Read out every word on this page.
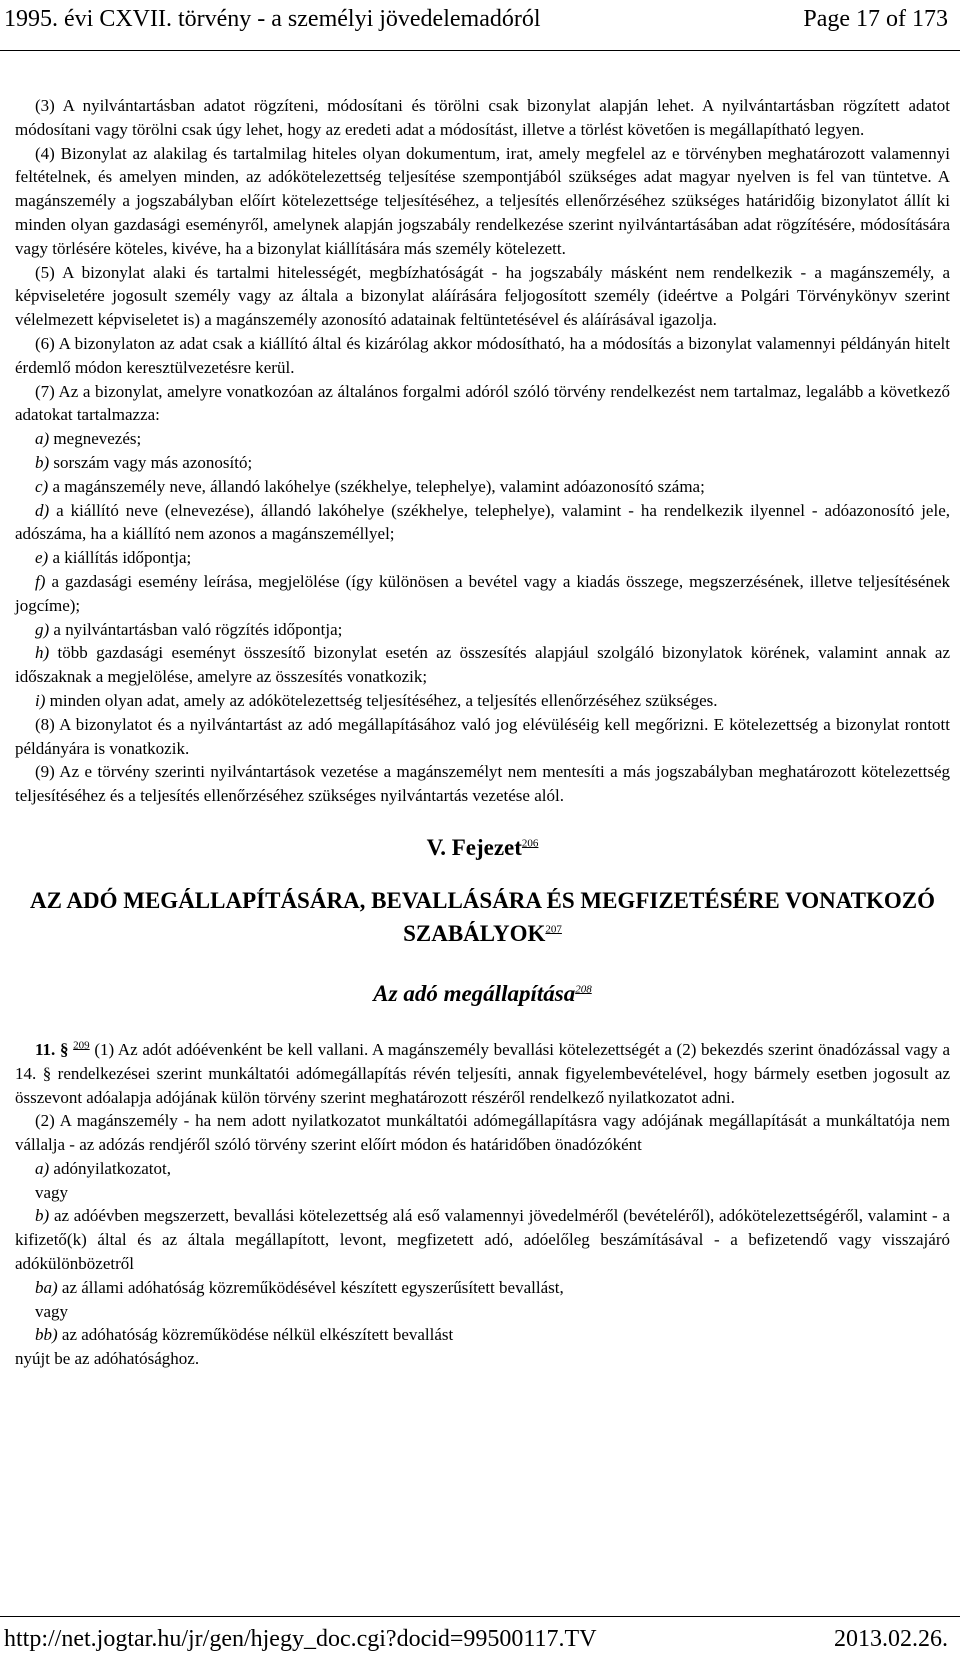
1995. évi CXVII. törvény - a személyi jövedelemadóról	Page 17 of 173

(3) A nyilvántartásban adatot rögzíteni, módosítani és törölni csak bizonylat alapján lehet. A nyilvántartásban rögzített adatot módosítani vagy törölni csak úgy lehet, hogy az eredeti adat a módosítást, illetve a törlést követően is megállapítható legyen.

(4) Bizonylat az alakilag és tartalmilag hiteles olyan dokumentum, irat, amely megfelel az e törvényben meghatározott valamennyi feltételnek, és amelyen minden, az adókötelezettség teljesítése szempontjából szükséges adat magyar nyelven is fel van tüntetve. A magánszemély a jogszabályban előírt kötelezettsége teljesítéséhez, a teljesítés ellenőrzéséhez szükséges határidőig bizonylatot állít ki minden olyan gazdasági eseményről, amelynek alapján jogszabály rendelkezése szerint nyilvántartásában adat rögzítésére, módosítására vagy törlésére köteles, kivéve, ha a bizonylat kiállítására más személy kötelezett.

(5) A bizonylat alaki és tartalmi hitelességét, megbízhatóságát - ha jogszabály másként nem rendelkezik - a magánszemély, a képviseletére jogosult személy vagy az általa a bizonylat aláírására feljogosított személy (ideértve a Polgári Törvénykönyv szerint vélelmezett képviseletet is) a magánszemély azonosító adatainak feltüntetésével és aláírásával igazolja.

(6) A bizonylaton az adat csak a kiállító által és kizárólag akkor módosítható, ha a módosítás a bizonylat valamennyi példányán hitelt érdemlő módon keresztülvezetésre kerül.

(7) Az a bizonylat, amelyre vonatkozóan az általános forgalmi adóról szóló törvény rendelkezést nem tartalmaz, legalább a következő adatokat tartalmazza:

a) megnevezés;

b) sorszám vagy más azonosító;

c) a magánszemély neve, állandó lakóhelye (székhelye, telephelye), valamint adóazonosító száma;

d) a kiállító neve (elnevezése), állandó lakóhelye (székhelye, telephelye), valamint - ha rendelkezik ilyennel - adóazonosító jele, adószáma, ha a kiállító nem azonos a magánszeméllyel;

e) a kiállítás időpontja;

f) a gazdasági esemény leírása, megjelölése (így különösen a bevétel vagy a kiadás összege, megszerzésének, illetve teljesítésének jogcíme);

g) a nyilvántartásban való rögzítés időpontja;

h) több gazdasági eseményt összesítő bizonylat esetén az összesítés alapjául szolgáló bizonylatok körének, valamint annak az időszaknak a megjelölése, amelyre az összesítés vonatkozik;

i) minden olyan adat, amely az adókötelezettség teljesítéséhez, a teljesítés ellenőrzéséhez szükséges.

(8) A bizonylatot és a nyilvántartást az adó megállapításához való jog elévüléséig kell megőrizni. E kötelezettség a bizonylat rontott példányára is vonatkozik.

(9) Az e törvény szerinti nyilvántartások vezetése a magánszemélyt nem mentesíti a más jogszabályban meghatározott kötelezettség teljesítéséhez és a teljesítés ellenőrzéséhez szükséges nyilvántartás vezetése alól.

V. Fejezet$^{206}$

AZ ADÓ MEGÁLLAPÍTÁSÁRA, BEVALLÁSÁRA ÉS MEGFIZETÉSÉRE VONATKOZÓ
SZABÁLYOK$^{207}$

Az adó megállapítása$^{208}$

11. § $^{209}$ (1) Az adót adóévenként be kell vallani. A magánszemély bevallási kötelezettségét a (2) bekezdés szerint önadózással vagy a 14. § rendelkezései szerint munkáltatói adómegállapítás révén teljesíti, annak figyelembevételével, hogy bármely esetben jogosult az összevont adóalapja adójának külön törvény szerint meghatározott részéről rendelkező nyilatkozatot adni.

(2) A magánszemély - ha nem adott nyilatkozatot munkáltatói adómegállapításra vagy adójának megállapítását a munkáltatója nem vállalja - az adózás rendjéről szóló törvény szerint előírt módon és határidőben önadózóként

a) adónyilatkozatot,

vagy

b) az adóévben megszerzett, bevallási kötelezettség alá eső valamennyi jövedelméről (bevételéről), adókötelezettségéről, valamint - a kifizető(k) által és az általa megállapított, levont, megfizetett adó, adóelőleg beszámításával - a befizetendő vagy visszajáró adókülönbözetről

ba) az állami adóhatóság közreműködésével készített egyszerűsített bevallást,

vagy

bb) az adóhatóság közreműködése nélkül elkészített bevallást

nyújt be az adóhatósághoz.

http://net.jogtar.hu/jr/gen/hjegy_doc.cgi?docid=99500117.TV	2013.02.26.
